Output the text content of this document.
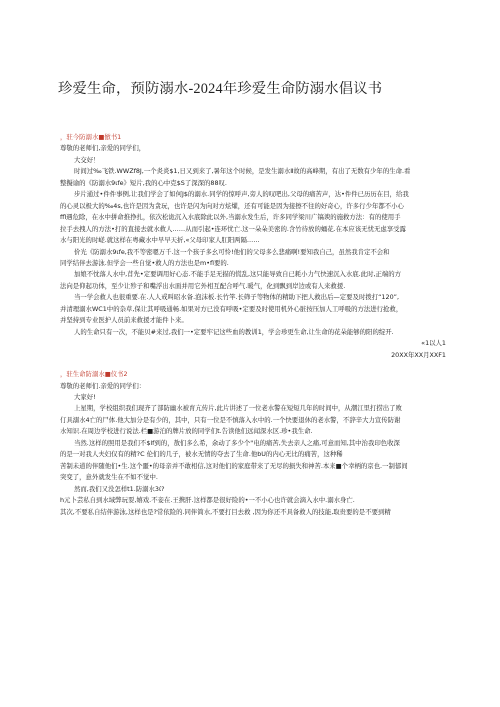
珍爱生命，预防溺水-2024年珍爱生命防溺水倡议书

，驻今防溺水■倣书1

尊敬的老师们,亲爱的同学们，

大交好！

时间过‰飞铁.WWZf8J,一个炎炎$1,日又到来了,暑年这个时候，是发生溺水Ⅱ故的高峰期，有出了无数有少年的生命.看

整擬谕的《防溺水9ιfe》短片,我的心中克$S了深深的88叹.

步片通过•件件事例,让我们学会了如何J$的溺水.同学的惊呼声,旁人的叹吧出,父母的痛苦声，达•件件已历历在目，给我

的心灵以极大的‰4s,也许是因为贪玩，也许是闪为向对方炫燿，还有可能是因为接擦不往的好奇心，许多行少年都不小心

ffl遇危除，在水中拼命推挣扎，依次松诡沉入水底除此以外,当溺水发生后，许多同学梁川广镐谀的施救方法：有的使用手

拉手去拽人的方法•打的直接去就水救人……从而引起•连环忧亡.这一朵朵美密的.含竹待放的蛹花.在本应该无忧无虑享受露

水与阳光的时嵯.就这样在粤藏水中早早天折,«父母印家人肛阳两隔……

价光《防溺水9ιfe,我不等密嗯万千.这一个孩子多幺可怜!他们的父母多么悲痛啊!要知我自己，虽然我肯定不会和

同学结伴去游泳.但学会一些自觉•救人的方法也是m•fl要的.

加娘不忱落人水中,苜先•定要调用好心态.不能手足无描的慌乱,这只能导致自已耗小力气快速沉入水底.此时,正端的方

法向是仰起功体，至少让殄子和嘴浮出水面并用它外相互配合呼气.暖气，化到飘到岸边或有人来救援.

当一学会救人也很重要.在.人人戒叫昭水备.泡沫板.长竹竿.长筛子等物体的精助下把人救出后—定要及时拨打“120”,

并清理溺水WC1中的杂草,保让其呼吸通畅.如果对方已没有呼吸•定要及时使用机外心脏按压加人工呼吸的方法进行抢救，

并坚持到专业医护人员前来救援才能件卜来。

人的生命只有一次，不能贝#来过,我们一•定要牢记这些血的教训1，学会珍更生命,让生命的花朵能够的阳的绽开.

«1以人1

20XX年XX月XXF1

，驻生命防溺水■仪书2

尊敬的老师们.亲爱的同学们：

大家好!

上星期，学校组织我们现齐了部防幽水被育亢传片,此片讲述了一位老水警在短短几年的时间中，从潮江里打捞出了败

仃具溺水4亡的尸体.他大加分是有少的，其中，只有一位是不慎落入水中的.一个快要退休的老水警，不辞辛大力宣传防谢

水知识.在周边学校进行说法.栏■游泊的牌片放的同学们t.告读他们远闻深水区.珍•我生命.

当然.这样的照用是我们不$lf到的，敖们多么希，余动了多少个"电的痛苦,失去亲人之痛,可意而知,其中治我印色收深

的是一对我人夫妇仅有的精?C 伦们的几子，被水无情的夺去了生命.他bU的内心无比的痛苦，这种稀

苦制未道的伴随他们•生.这个噩•的母亲并不敢相信,这对他们的家庭带来了无尽的损失和神苦.本来■个幸柄的京也.一制郁间

突变了，意外就发生在不如不觉中.

然而,我们又没怎样t1.防溺水3ί?

h元卜芸私自到水域弊玩耍,嬉戏.不妾在.王携肝.这样都是很好险的•一不小心也许就会滴入水中.溺水身亡.

其次,不要私自结伴游泳,这样也是?常依险的.同伴简水,不要打目去救 ,因为你还不具备救人的技能,取贵要的是不要到精
